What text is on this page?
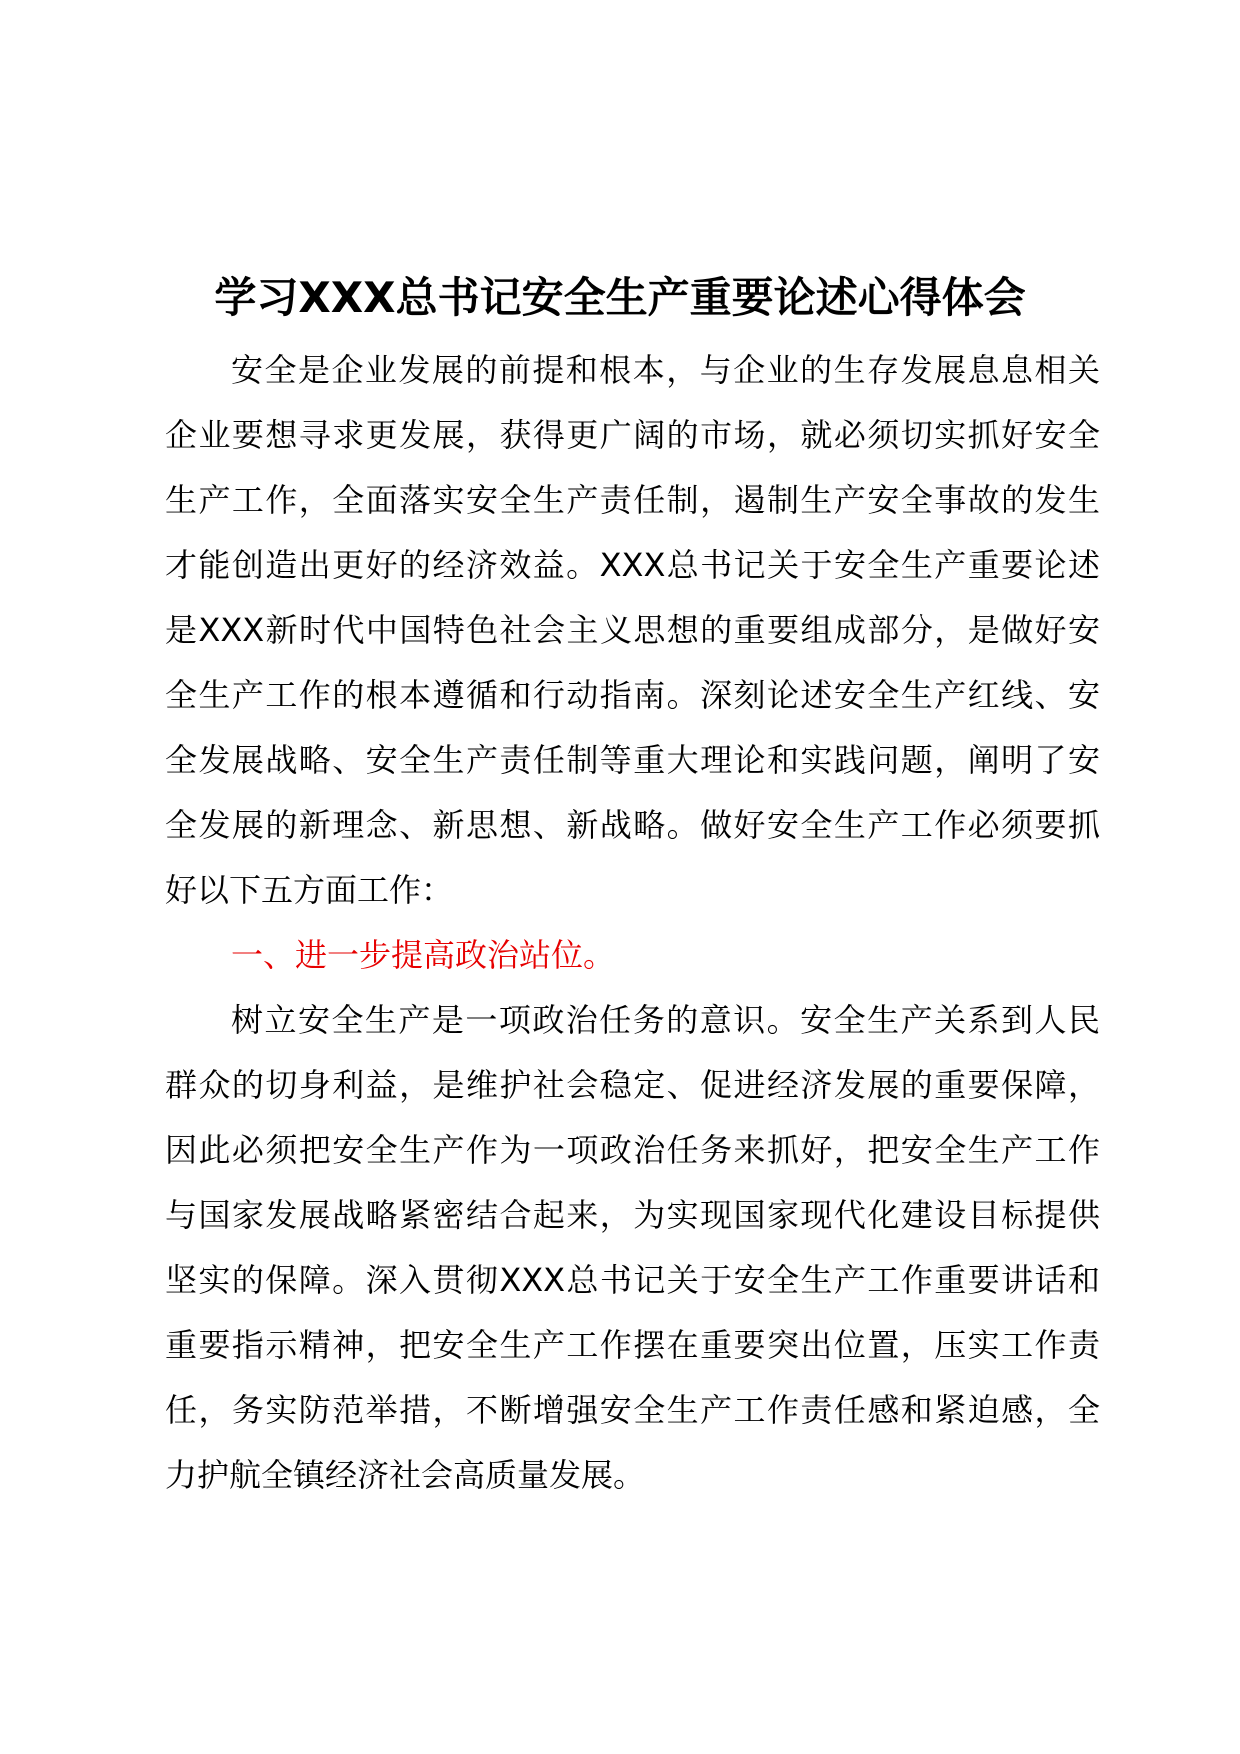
学习XXX总书记安全生产重要论述心得体会
安全是企业发展的前提和根本，与企业的生存发展息息相关
企业要想寻求更发展，获得更广阔的市场，就必须切实抓好安全
生产工作，全面落实安全生产责任制，遏制生产安全事故的发生
才能创造出更好的经济效益。XXX总书记关于安全生产重要论述
是XXX新时代中国特色社会主义思想的重要组成部分，是做好安
全生产工作的根本遵循和行动指南。深刻论述安全生产红线、安
全发展战略、安全生产责任制等重大理论和实践问题，阐明了安
全发展的新理念、新思想、新战略。做好安全生产工作必须要抓
好以下五方面工作：
一、进一步提高政治站位。
树立安全生产是一项政治任务的意识。安全生产关系到人民
群众的切身利益，是维护社会稳定、促进经济发展的重要保障，
因此必须把安全生产作为一项政治任务来抓好，把安全生产工作
与国家发展战略紧密结合起来，为实现国家现代化建设目标提供
坚实的保障。深入贯彻XXX总书记关于安全生产工作重要讲话和
重要指示精神，把安全生产工作摆在重要突出位置，压实工作责
任，务实防范举措，不断增强安全生产工作责任感和紧迫感，全
力护航全镇经济社会高质量发展。
